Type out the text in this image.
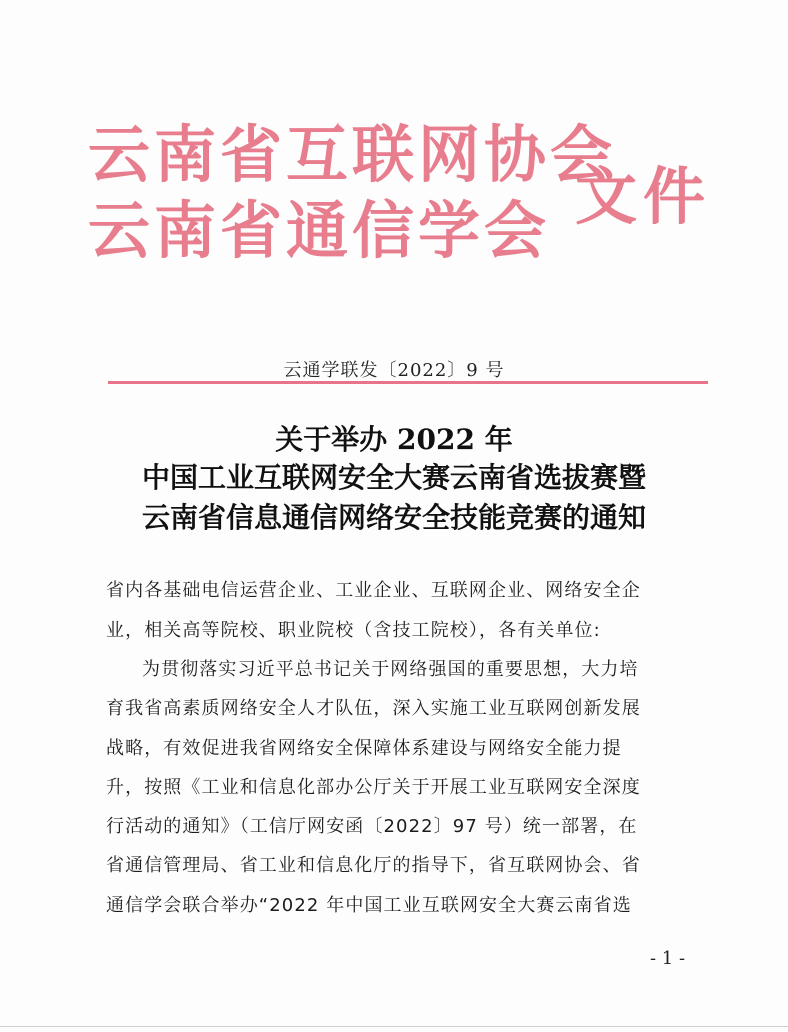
云南省互联网协会
云南省通信学会 文件
云通学联发〔2022〕9 号
关于举办 2022 年
中国工业互联网安全大赛云南省选拔赛暨
云南省信息通信网络安全技能竞赛的通知
省内各基础电信运营企业、工业企业、互联网企业、网络安全企
业，相关高等院校、职业院校（含技工院校），各有关单位:
为贯彻落实习近平总书记关于网络强国的重要思想，大力培
育我省高素质网络安全人才队伍，深入实施工业互联网创新发展
战略，有效促进我省网络安全保障体系建设与网络安全能力提
升，按照《工业和信息化部办公厅关于开展工业互联网安全深度
行活动的通知》（工信厅网安函〔2022〕97 号）统一部署，在
省通信管理局、省工业和信息化厅的指导下，省互联网协会、省
通信学会联合举办“2022 年中国工业互联网安全大赛云南省选
- 1 -
